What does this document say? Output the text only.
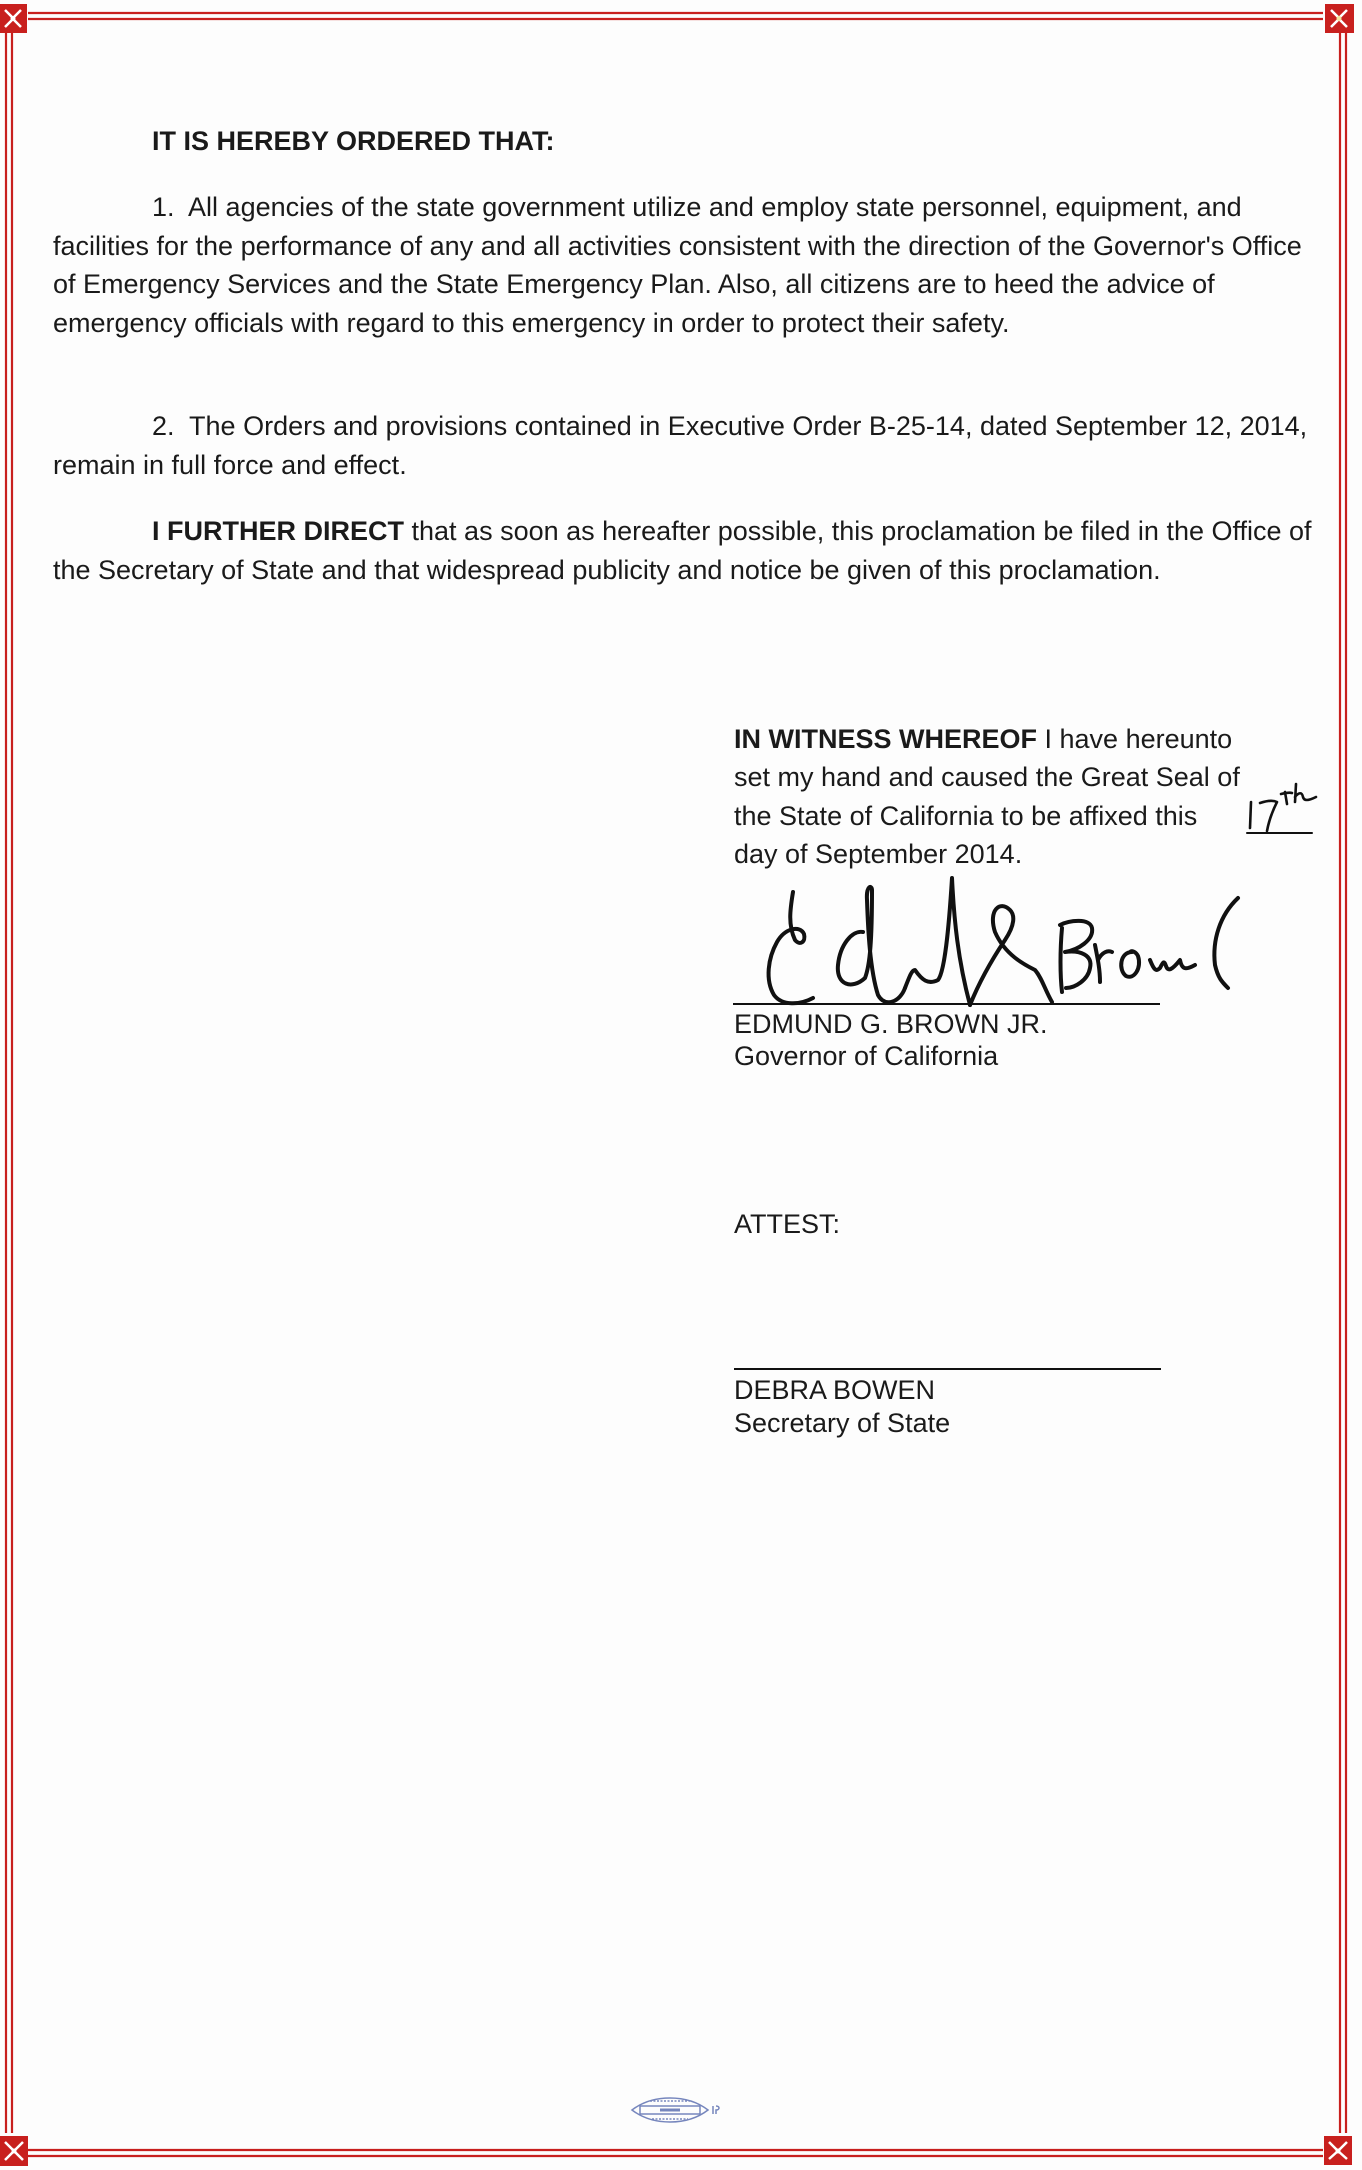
IT IS HEREBY ORDERED THAT:

1. All agencies of the state government utilize and employ state personnel, equipment, and facilities for the performance of any and all activities consistent with the direction of the Governor's Office of Emergency Services and the State Emergency Plan. Also, all citizens are to heed the advice of emergency officials with regard to this emergency in order to protect their safety.

2. The Orders and provisions contained in Executive Order B-25-14, dated September 12, 2014, remain in full force and effect.

I FURTHER DIRECT that as soon as hereafter possible, this proclamation be filed in the Office of the Secretary of State and that widespread publicity and notice be given of this proclamation.

IN WITNESS WHEREOF I have hereunto
set my hand and caused the Great Seal of
the State of California to be affixed this
day of September 2014.
EDMUND G. BROWN JR.
Governor of California
ATTEST:
DEBRA BOWEN
Secretary of State
